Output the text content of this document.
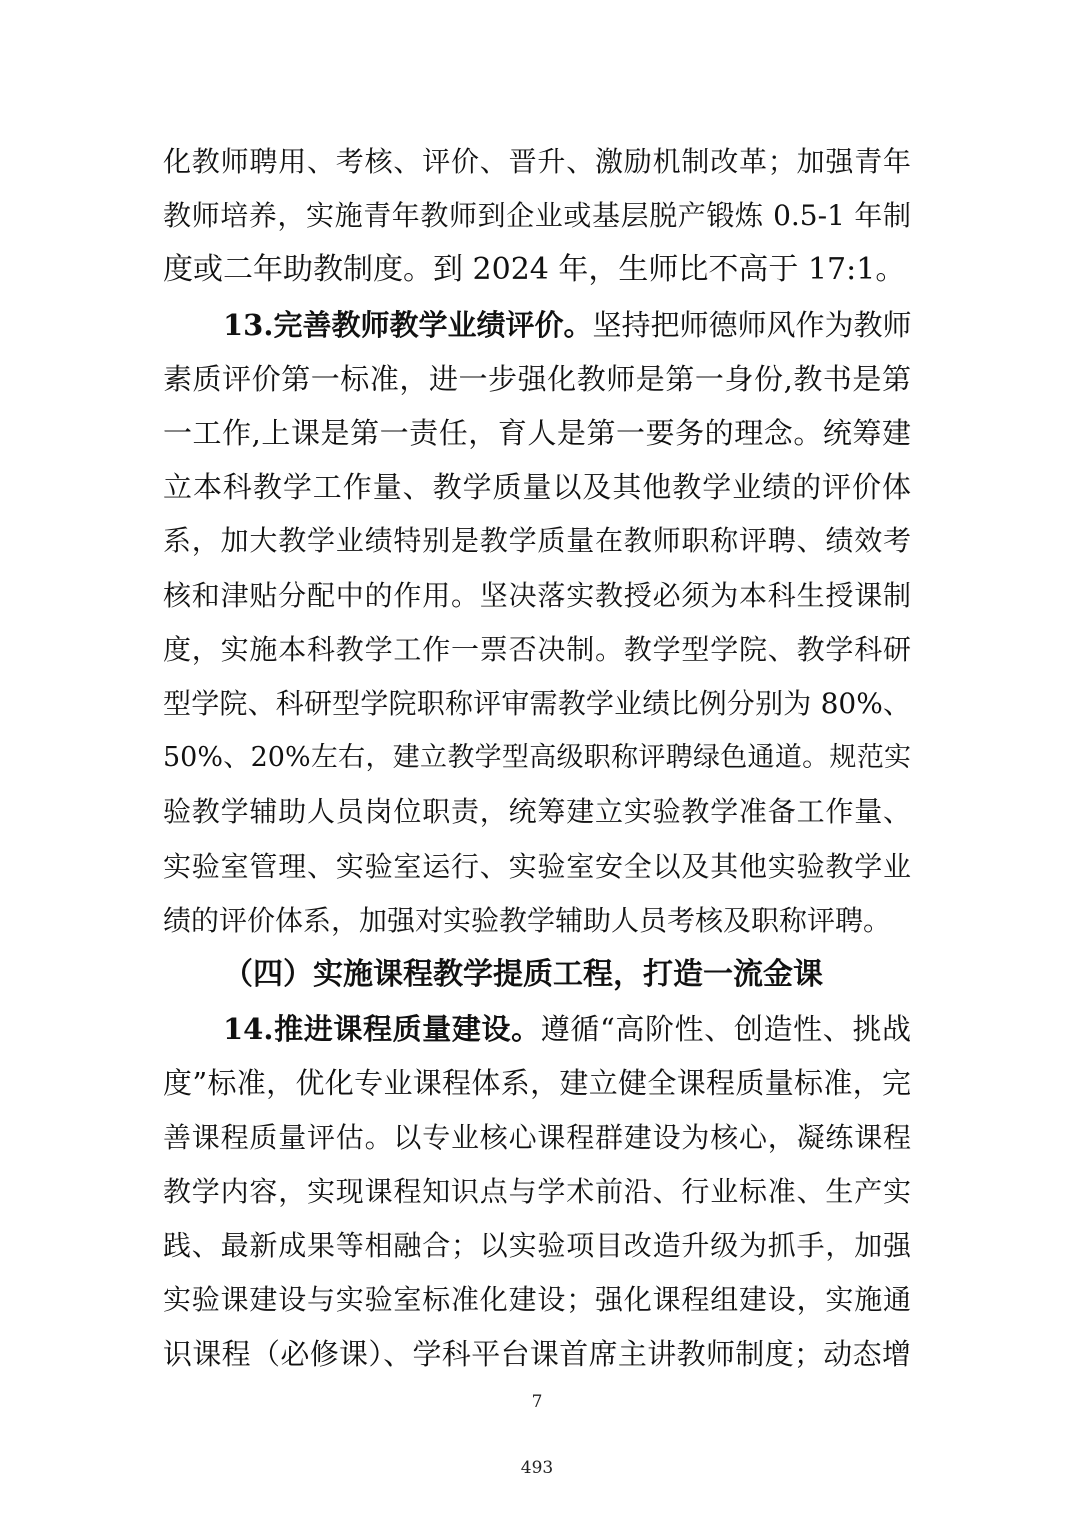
化教师聘用、考核、评价、晋升、激励机制改革；加强青年
教师培养，实施青年教师到企业或基层脱产锻炼 0.5-1 年制
度或二年助教制度。到 2024 年，生师比不高于 17:1。
13.完善教师教学业绩评价。坚持把师德师风作为教师
素质评价第一标准，进一步强化教师是第一身份,教书是第
一工作,上课是第一责任，育人是第一要务的理念。统筹建
立本科教学工作量、教学质量以及其他教学业绩的评价体
系，加大教学业绩特别是教学质量在教师职称评聘、绩效考
核和津贴分配中的作用。坚决落实教授必须为本科生授课制
度，实施本科教学工作一票否决制。教学型学院、教学科研
型学院、科研型学院职称评审需教学业绩比例分别为 80%、
50%、20%左右，建立教学型高级职称评聘绿色通道。规范实
验教学辅助人员岗位职责，统筹建立实验教学准备工作量、
实验室管理、实验室运行、实验室安全以及其他实验教学业
绩的评价体系，加强对实验教学辅助人员考核及职称评聘。
（四）实施课程教学提质工程，打造一流金课
14.推进课程质量建设。遵循“高阶性、创造性、挑战
度”标准，优化专业课程体系，建立健全课程质量标准，完
善课程质量评估。以专业核心课程群建设为核心，凝练课程
教学内容，实现课程知识点与学术前沿、行业标准、生产实
践、最新成果等相融合；以实验项目改造升级为抓手，加强
实验课建设与实验室标准化建设；强化课程组建设，实施通
识课程（必修课）、学科平台课首席主讲教师制度；动态增
7
493
